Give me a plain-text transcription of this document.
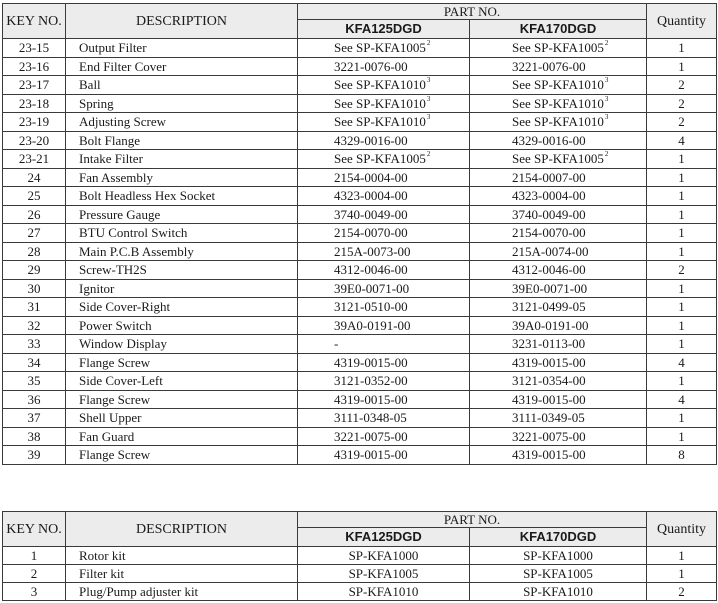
KEY NO.	DESCRIPTION	PART NO.		Quantity
		KFA125DGD	KFA170DGD	
23-15	Output Filter	See SP-KFA1005$^2$	See SP-KFA1005$^2$	1
23-16	End Filter Cover	3221-0076-00	3221-0076-00	1
23-17	Ball	See SP-KFA1010$^3$	See SP-KFA1010$^3$	2
23-18	Spring	See SP-KFA1010$^3$	See SP-KFA1010$^3$	2
23-19	Adjusting Screw	See SP-KFA1010$^3$	See SP-KFA1010$^3$	2
23-20	Bolt Flange	4329-0016-00	4329-0016-00	4
23-21	Intake Filter	See SP-KFA1005$^2$	See SP-KFA1005$^2$	1
24	Fan Assembly	2154-0004-00	2154-0007-00	1
25	Bolt Headless Hex Socket	4323-0004-00	4323-0004-00	1
26	Pressure Gauge	3740-0049-00	3740-0049-00	1
27	BTU Control Switch	2154-0070-00	2154-0070-00	1
28	Main P.C.B Assembly	215A-0073-00	215A-0074-00	1
29	Screw-TH2S	4312-0046-00	4312-0046-00	2
30	Ignitor	39E0-0071-00	39E0-0071-00	1
31	Side Cover-Right	3121-0510-00	3121-0499-05	1
32	Power Switch	39A0-0191-00	39A0-0191-00	1
33	Window Display	-	3231-0113-00	1
34	Flange Screw	4319-0015-00	4319-0015-00	4
35	Side Cover-Left	3121-0352-00	3121-0354-00	1
36	Flange Screw	4319-0015-00	4319-0015-00	4
37	Shell Upper	3111-0348-05	3111-0349-05	1
38	Fan Guard	3221-0075-00	3221-0075-00	1
39	Flange Screw	4319-0015-00	4319-0015-00	8
KEY NO.	DESCRIPTION	PART NO.		Quantity
		KFA125DGD	KFA170DGD	
1	Rotor kit	SP-KFA1000	SP-KFA1000	1
2	Filter kit	SP-KFA1005	SP-KFA1005	1
3	Plug/Pump adjuster kit	SP-KFA1010	SP-KFA1010	2
